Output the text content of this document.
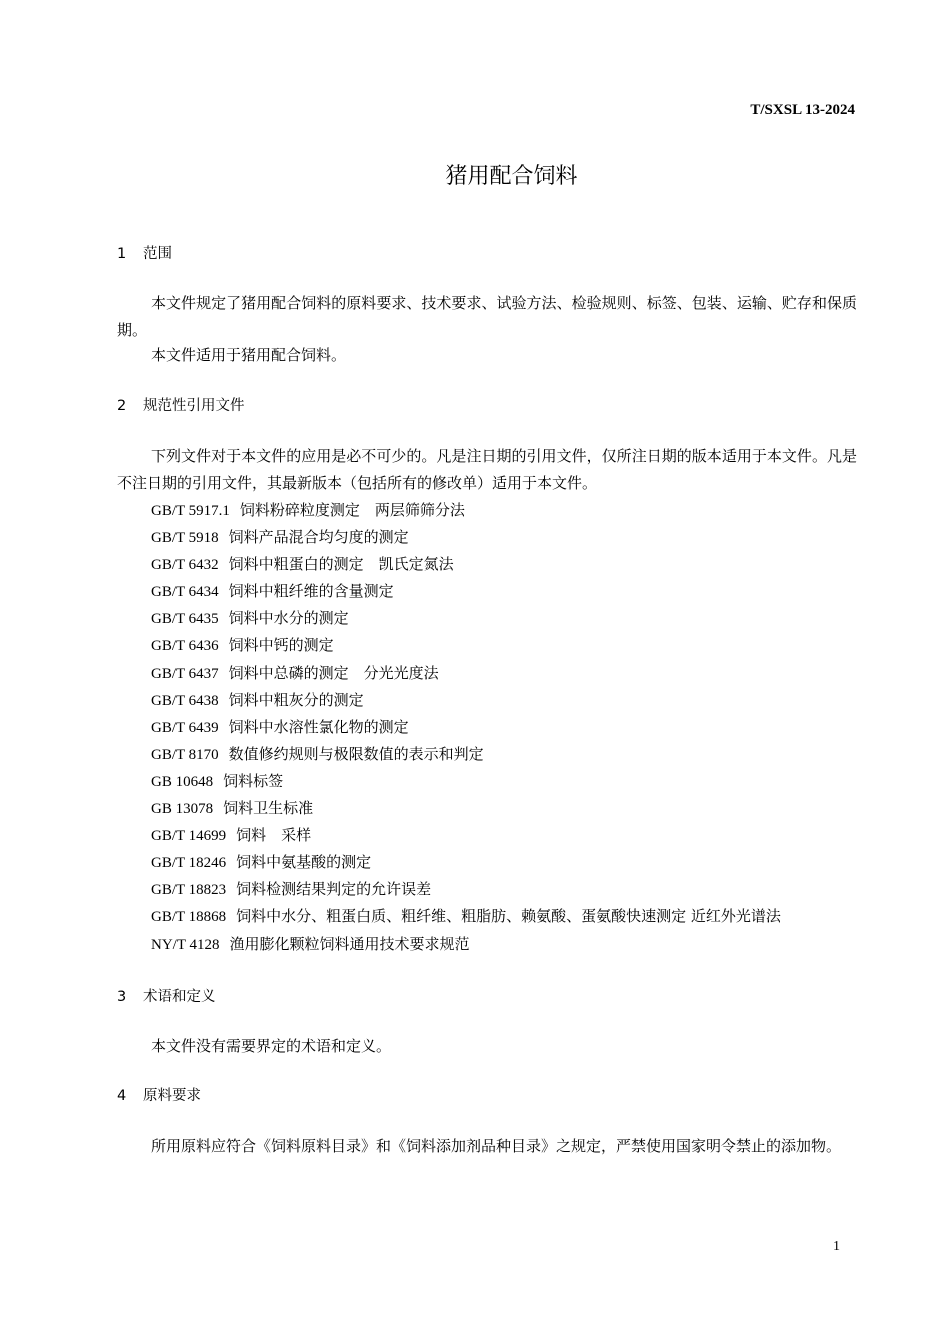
T/SXSL 13-2024
猪用配合饲料
1 范围
本文件规定了猪用配合饲料的原料要求、技术要求、试验方法、检验规则、标签、包装、运输、贮存和保质期。
本文件适用于猪用配合饲料。
2 规范性引用文件
下列文件对于本文件的应用是必不可少的。凡是注日期的引用文件，仅所注日期的版本适用于本文件。凡是不注日期的引用文件，其最新版本（包括所有的修改单）适用于本文件。
GB/T 5917.1 饲料粉碎粒度测定　两层筛筛分法
GB/T 5918 饲料产品混合均匀度的测定
GB/T 6432 饲料中粗蛋白的测定　凯氏定氮法
GB/T 6434 饲料中粗纤维的含量测定
GB/T 6435 饲料中水分的测定
GB/T 6436 饲料中钙的测定
GB/T 6437 饲料中总磷的测定　分光光度法
GB/T 6438 饲料中粗灰分的测定
GB/T 6439 饲料中水溶性氯化物的测定
GB/T 8170 数值修约规则与极限数值的表示和判定
GB 10648 饲料标签
GB 13078 饲料卫生标准
GB/T 14699 饲料　采样
GB/T 18246 饲料中氨基酸的测定
GB/T 18823 饲料检测结果判定的允许误差
GB/T 18868 饲料中水分、粗蛋白质、粗纤维、粗脂肪、赖氨酸、蛋氨酸快速测定 近红外光谱法
NY/T 4128 渔用膨化颗粒饲料通用技术要求规范
3 术语和定义
本文件没有需要界定的术语和定义。
4 原料要求
所用原料应符合《饲料原料目录》和《饲料添加剂品种目录》之规定，严禁使用国家明令禁止的添加物。
1
